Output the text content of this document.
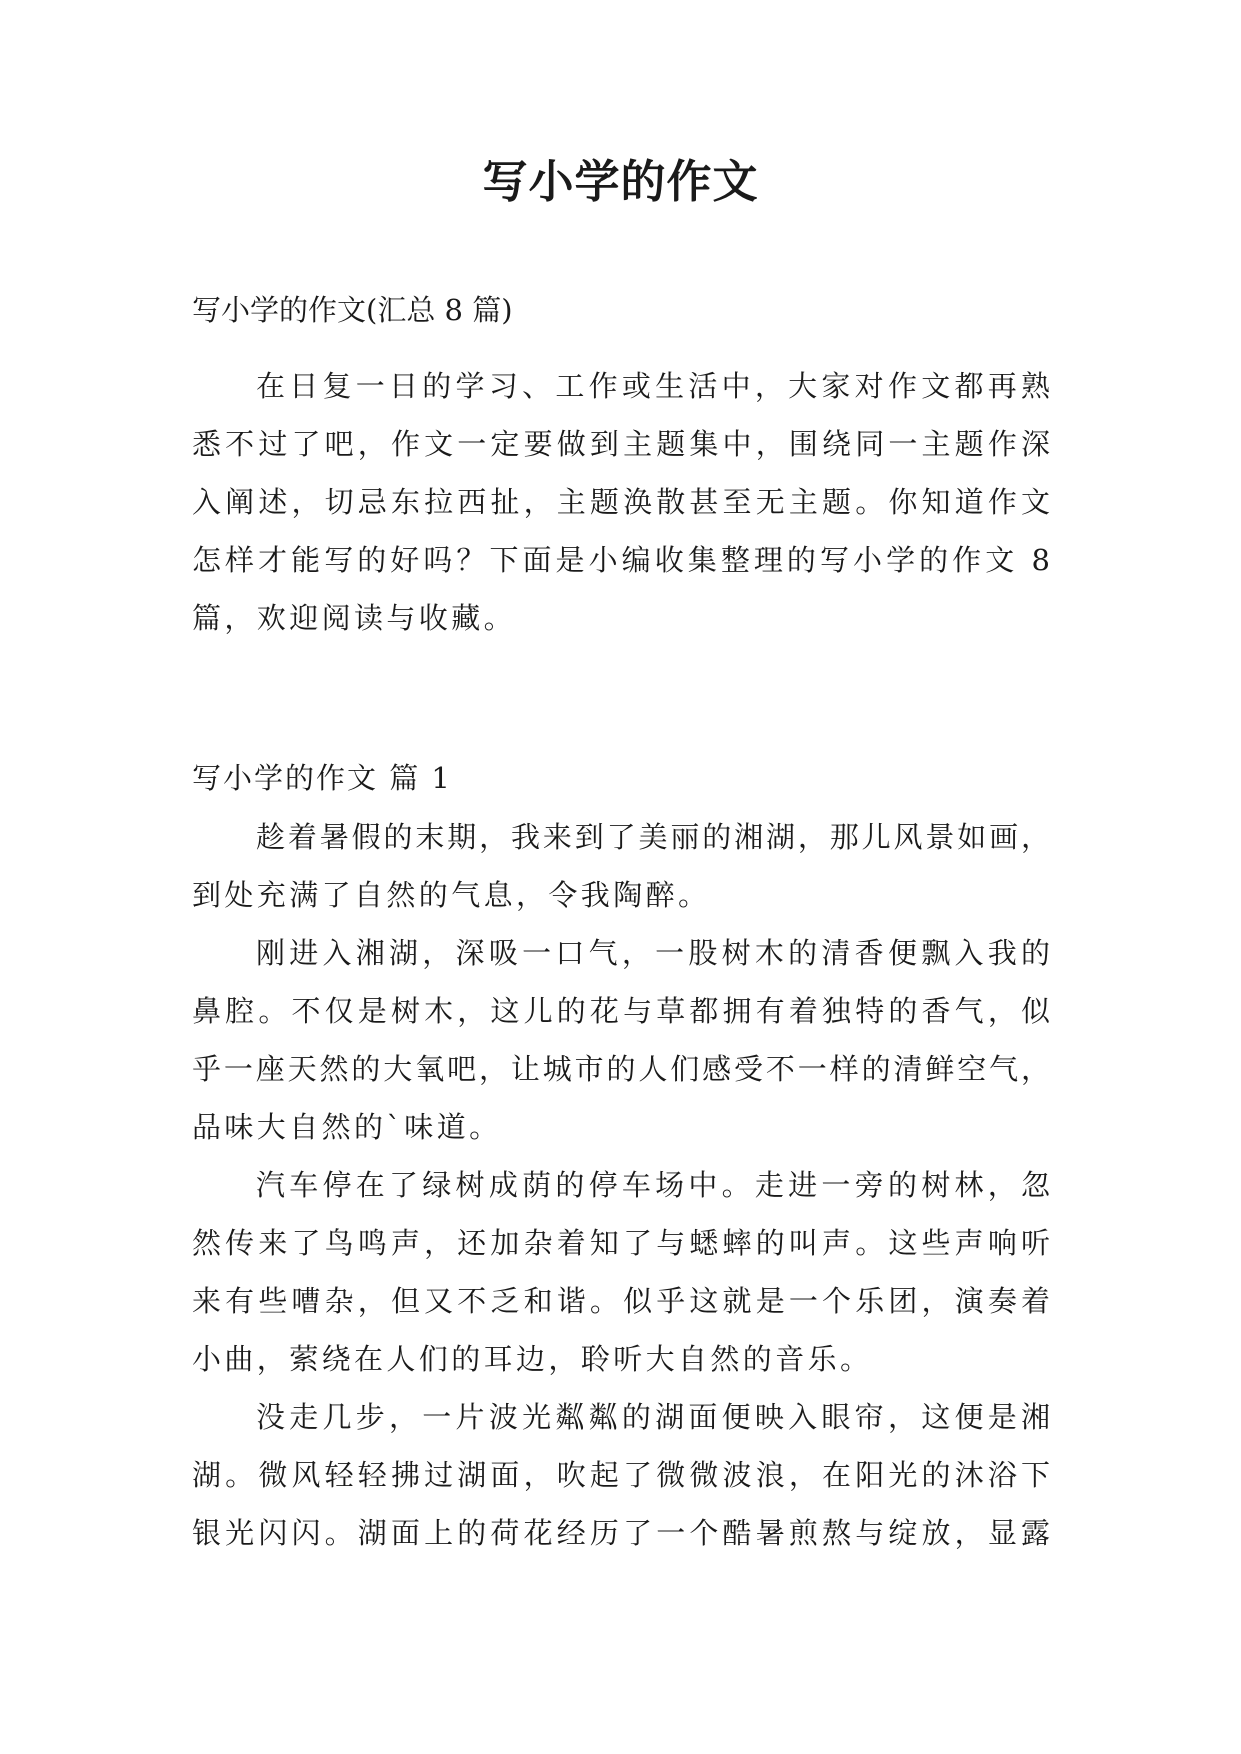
写小学的作文

写小学的作文(汇总 8 篇)

在日复一日的学习、工作或生活中，大家对作文都再熟
悉不过了吧，作文一定要做到主题集中，围绕同一主题作深
入阐述，切忌东拉西扯，主题涣散甚至无主题。你知道作文
怎样才能写的好吗？下面是小编收集整理的写小学的作文 8
篇，欢迎阅读与收藏。

写小学的作文 篇 1

趁着暑假的末期，我来到了美丽的湘湖，那儿风景如画，
到处充满了自然的气息，令我陶醉。
刚进入湘湖，深吸一口气，一股树木的清香便飘入我的
鼻腔。不仅是树木，这儿的花与草都拥有着独特的香气，似
乎一座天然的大氧吧，让城市的人们感受不一样的清鲜空气，
品味大自然的`味道。
汽车停在了绿树成荫的停车场中。走进一旁的树林，忽
然传来了鸟鸣声，还加杂着知了与蟋蟀的叫声。这些声响听
来有些嘈杂，但又不乏和谐。似乎这就是一个乐团，演奏着
小曲，萦绕在人们的耳边，聆听大自然的音乐。
没走几步，一片波光粼粼的湖面便映入眼帘，这便是湘
湖。微风轻轻拂过湖面，吹起了微微波浪，在阳光的沐浴下
银光闪闪。湖面上的荷花经历了一个酷暑煎熬与绽放，显露
